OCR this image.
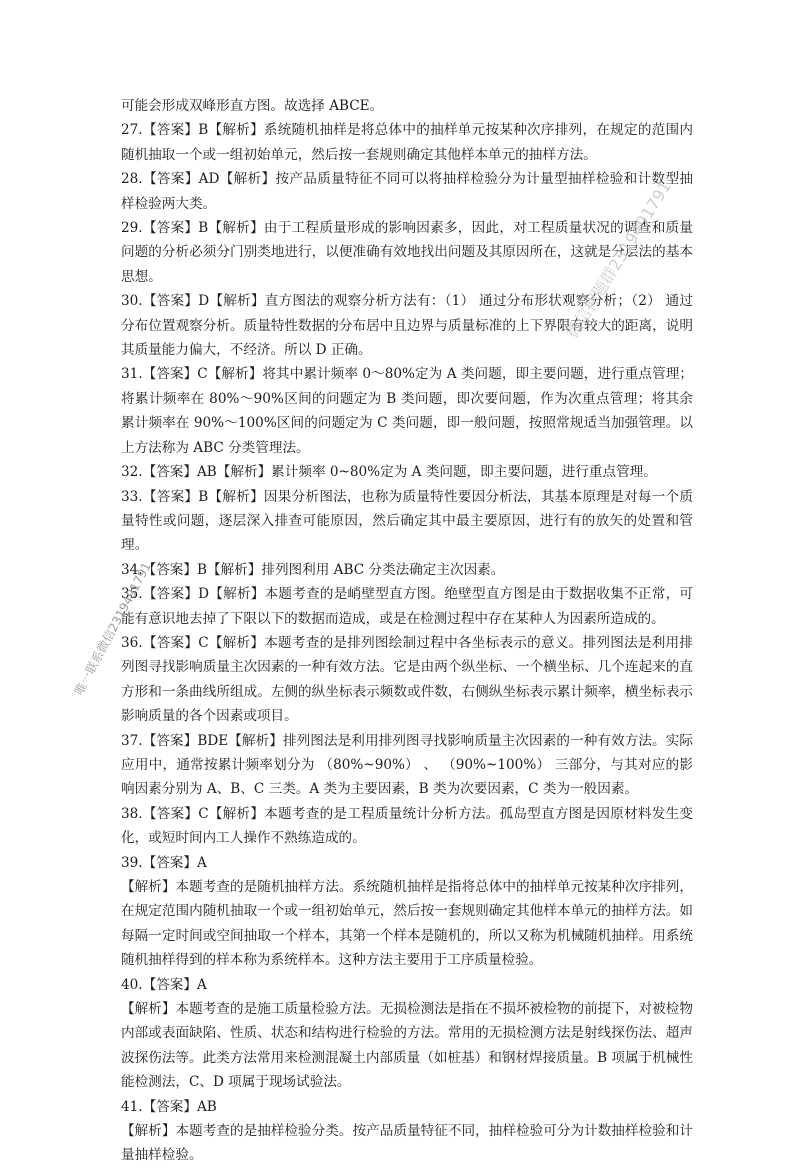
可能会形成双峰形直方图。故选择 ABCE。

27.【答案】B【解析】系统随机抽样是将总体中的抽样单元按某种次序排列，在规定的范围内随机抽取一个或一组初始单元，然后按一套规则确定其他样本单元的抽样方法。

28.【答案】AD【解析】按产品质量特征不同可以将抽样检验分为计量型抽样检验和计数型抽样检验两大类。

29.【答案】B【解析】由于工程质量形成的影响因素多，因此，对工程质量状况的调查和质量问题的分析必须分门别类地进行，以便准确有效地找出问题及其原因所在，这就是分层法的基本思想。

30.【答案】D【解析】直方图法的观察分析方法有：（1） 通过分布形状观察分析；（2） 通过分布位置观察分析。质量特性数据的分布居中且边界与质量标准的上下界限有较大的距离，说明其质量能力偏大，不经济。所以 D 正确。

31.【答案】C【解析】将其中累计频率 0～80%定为 A 类问题，即主要问题，进行重点管理；将累计频率在 80%～90%区间的问题定为 B 类问题，即次要问题，作为次重点管理；将其余累计频率在 90%～100%区间的问题定为 C 类问题，即一般问题，按照常规适当加强管理。以上方法称为 ABC 分类管理法。

32.【答案】AB【解析】累计频率 0~80%定为 A 类问题，即主要问题，进行重点管理。

33.【答案】B【解析】因果分析图法，也称为质量特性要因分析法，其基本原理是对每一个质量特性或问题，逐层深入排查可能原因，然后确定其中最主要原因，进行有的放矢的处置和管理。

34.【答案】B【解析】排列图利用 ABC 分类法确定主次因素。

35.【答案】D【解析】本题考查的是峭壁型直方图。绝壁型直方图是由于数据收集不正常，可能有意识地去掉了下限以下的数据而造成，或是在检测过程中存在某种人为因素所造成的。

36.【答案】C【解析】本题考查的是排列图绘制过程中各坐标表示的意义。排列图法是利用排列图寻找影响质量主次因素的一种有效方法。它是由两个纵坐标、一个横坐标、几个连起来的直方形和一条曲线所组成。左侧的纵坐标表示频数或件数，右侧纵坐标表示累计频率，横坐标表示影响质量的各个因素或项目。

37.【答案】BDE【解析】排列图法是利用排列图寻找影响质量主次因素的一种有效方法。实际应用中，通常按累计频率划分为 （80%~90%） 、 （90%~100%） 三部分，与其对应的影响因素分别为 A、B、C 三类。A 类为主要因素，B 类为次要因素，C 类为一般因素。

38.【答案】C【解析】本题考查的是工程质量统计分析方法。孤岛型直方图是因原材料发生变化，或短时间内工人操作不熟练造成的。

39.【答案】A

【解析】本题考查的是随机抽样方法。系统随机抽样是指将总体中的抽样单元按某种次序排列，在规定范围内随机抽取一个或一组初始单元，然后按一套规则确定其他样本单元的抽样方法。如每隔一定时间或空间抽取一个样本，其第一个样本是随机的，所以又称为机械随机抽样。用系统随机抽样得到的样本称为系统样本。这种方法主要用于工序质量检验。

40.【答案】A

【解析】本题考查的是施工质量检验方法。无损检测法是指在不损坏被检物的前提下，对被检物内部或表面缺陷、性质、状态和结构进行检验的方法。常用的无损检测方法是射线探伤法、超声波探伤法等。此类方法常用来检测混凝土内部质量（如桩基）和钢材焊接质量。B 项属于机械性能检测法，C、D 项属于现场试验法。

41.【答案】AB

【解析】本题考查的是抽样检验分类。按产品质量特征不同，抽样检验可分为计数抽样检验和计量抽样检验。

微信押题群2319491791
唯一联系微信2319491791
